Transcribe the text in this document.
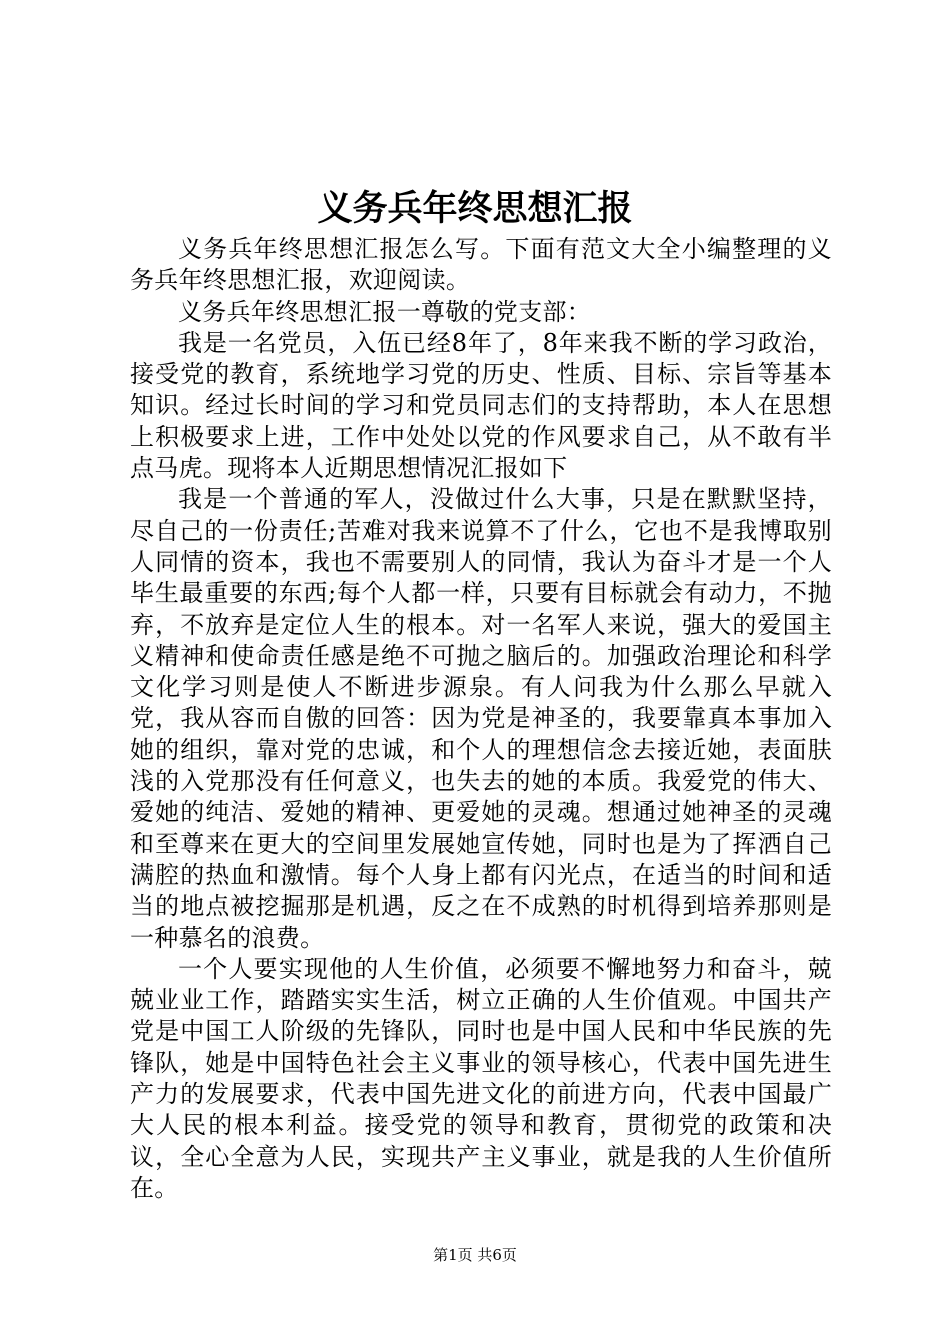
义务兵年终思想汇报

义务兵年终思想汇报怎么写。下面有范文大全小编整理的义务兵年终思想汇报，欢迎阅读。

义务兵年终思想汇报一尊敬的党支部：

我是一名党员，入伍已经8年了，8年来我不断的学习政治，接受党的教育，系统地学习党的历史、性质、目标、宗旨等基本知识。经过长时间的学习和党员同志们的支持帮助，本人在思想上积极要求上进，工作中处处以党的作风要求自己，从不敢有半点马虎。现将本人近期思想情况汇报如下

我是一个普通的军人，没做过什么大事，只是在默默坚持，尽自己的一份责任;苦难对我来说算不了什么，它也不是我博取别人同情的资本，我也不需要别人的同情，我认为奋斗才是一个人毕生最重要的东西;每个人都一样，只要有目标就会有动力，不抛弃，不放弃是定位人生的根本。对一名军人来说，强大的爱国主义精神和使命责任感是绝不可抛之脑后的。加强政治理论和科学文化学习则是使人不断进步源泉。有人问我为什么那么早就入党，我从容而自傲的回答：因为党是神圣的，我要靠真本事加入她的组织，靠对党的忠诚，和个人的理想信念去接近她，表面肤浅的入党那没有任何意义，也失去的她的本质。我爱党的伟大、爱她的纯洁、爱她的精神、更爱她的灵魂。想通过她神圣的灵魂和至尊来在更大的空间里发展她宣传她，同时也是为了挥洒自己满腔的热血和激情。每个人身上都有闪光点，在适当的时间和适当的地点被挖掘那是机遇，反之在不成熟的时机得到培养那则是一种慕名的浪费。

一个人要实现他的人生价值，必须要不懈地努力和奋斗，兢兢业业工作，踏踏实实生活，树立正确的人生价值观。中国共产党是中国工人阶级的先锋队，同时也是中国人民和中华民族的先锋队，她是中国特色社会主义事业的领导核心，代表中国先进生产力的发展要求，代表中国先进文化的前进方向，代表中国最广大人民的根本利益。接受党的领导和教育，贯彻党的政策和决议，全心全意为人民，实现共产主义事业，就是我的人生价值所在。

第1页 共6页
